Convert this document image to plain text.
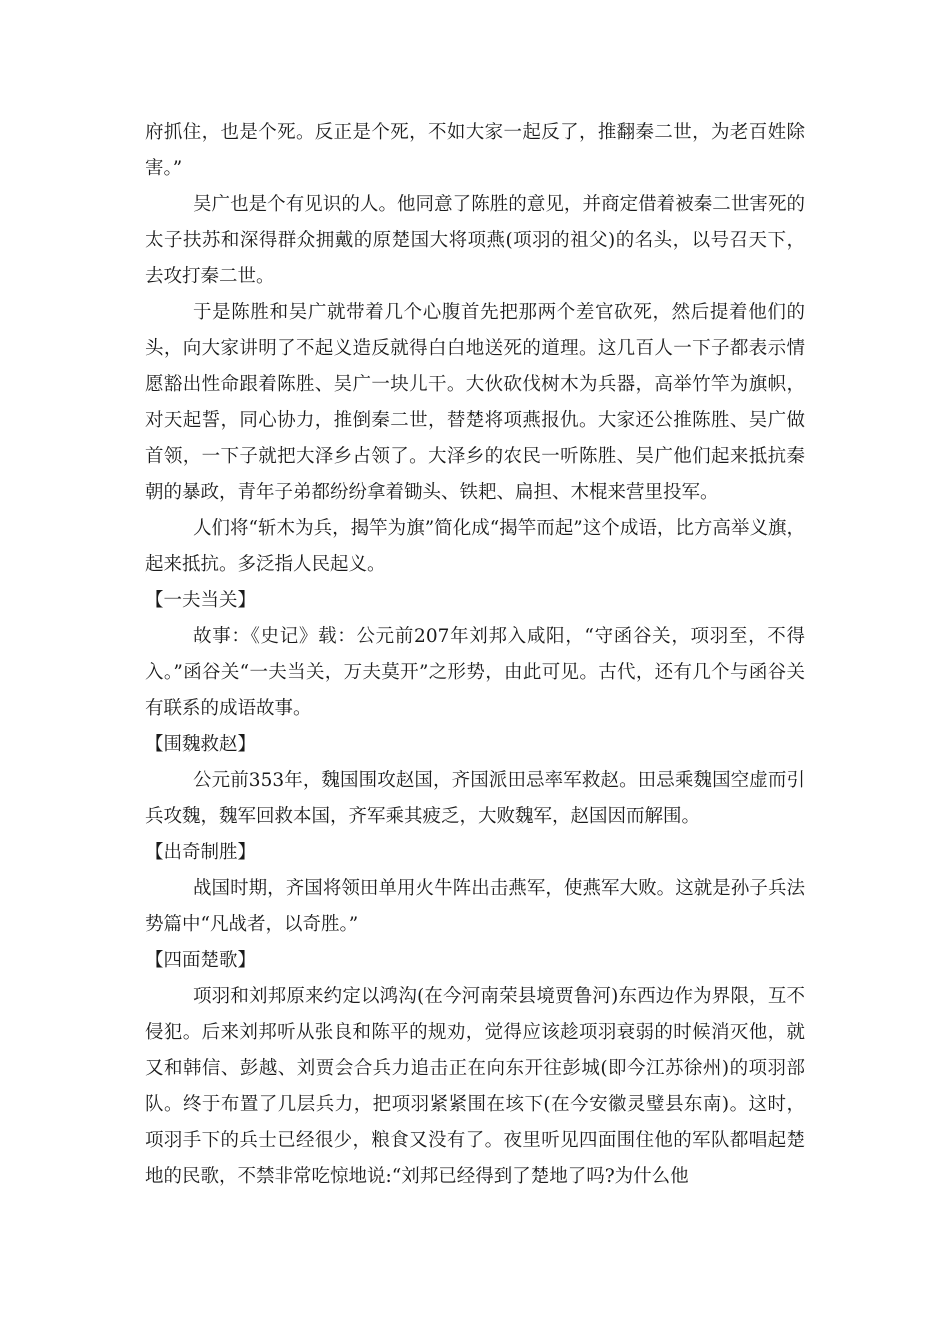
府抓住，也是个死。反正是个死，不如大家一起反了，推翻秦二世，为老百姓除害。”

吴广也是个有见识的人。他同意了陈胜的意见，并商定借着被秦二世害死的太子扶苏和深得群众拥戴的原楚国大将项燕(项羽的祖父)的名头，以号召天下，去攻打秦二世。

于是陈胜和吴广就带着几个心腹首先把那两个差官砍死，然后提着他们的头，向大家讲明了不起义造反就得白白地送死的道理。这几百人一下子都表示情愿豁出性命跟着陈胜、吴广一块儿干。大伙砍伐树木为兵器，高举竹竿为旗帜，对天起誓，同心协力，推倒秦二世，替楚将项燕报仇。大家还公推陈胜、吴广做首领，一下子就把大泽乡占领了。大泽乡的农民一听陈胜、吴广他们起来抵抗秦朝的暴政，青年子弟都纷纷拿着锄头、铁耙、扁担、木棍来营里投军。

人们将“斩木为兵，揭竿为旗”简化成“揭竿而起”这个成语，比方高举义旗，起来抵抗。多泛指人民起义。

【一夫当关】

故事：《史记》载：公元前207年刘邦入咸阳，“守函谷关，项羽至，不得入。”函谷关“一夫当关，万夫莫开”之形势，由此可见。古代，还有几个与函谷关有联系的成语故事。

【围魏救赵】

公元前353年，魏国围攻赵国，齐国派田忌率军救赵。田忌乘魏国空虚而引兵攻魏，魏军回救本国，齐军乘其疲乏，大败魏军，赵国因而解围。

【出奇制胜】

战国时期，齐国将领田单用火牛阵出击燕军，使燕军大败。这就是孙子兵法势篇中“凡战者，以奇胜。”

【四面楚歌】

项羽和刘邦原来约定以鸿沟(在今河南荣县境贾鲁河)东西边作为界限，互不侵犯。后来刘邦听从张良和陈平的规劝，觉得应该趁项羽衰弱的时候消灭他，就又和韩信、彭越、刘贾会合兵力追击正在向东开往彭城(即今江苏徐州)的项羽部队。终于布置了几层兵力，把项羽紧紧围在垓下(在今安徽灵璧县东南)。这时，项羽手下的兵士已经很少，粮食又没有了。夜里听见四面围住他的军队都唱起楚地的民歌，不禁非常吃惊地说:“刘邦已经得到了楚地了吗?为什么他
